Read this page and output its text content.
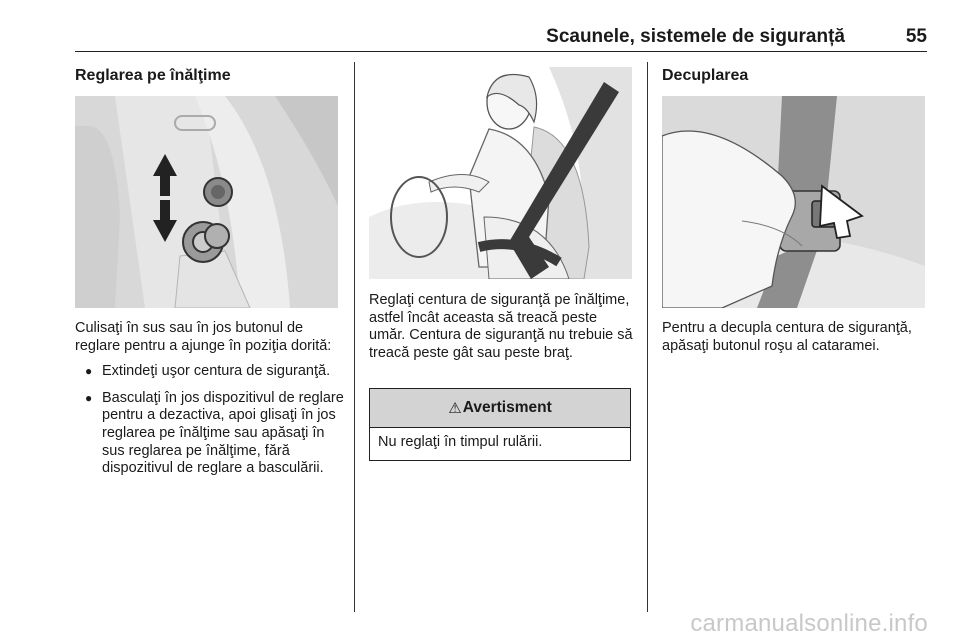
Scaunele, sistemele de siguranță	55
Reglarea pe înălţime

Culisaţi în sus sau în jos butonul de reglare pentru a ajunge în poziţia dorită:

● Extindeţi uşor centura de siguranţă.
● Basculaţi în jos dispozitivul de reglare pentru a dezactiva, apoi glisaţi în jos reglarea pe înălţime sau apăsaţi în sus reglarea pe înălţime, fără dispozitivul de reglare a basculării.

Reglaţi centura de siguranţă pe înălţime, astfel încât aceasta să treacă peste umăr. Centura de siguranţă nu trebuie să treacă peste gât sau peste braţ.

⚠ Avertisment
Nu reglaţi în timpul rulării.
Decuplarea

Pentru a decupla centura de siguranţă, apăsaţi butonul roşu al cataramei.

carmanualsonline.info
